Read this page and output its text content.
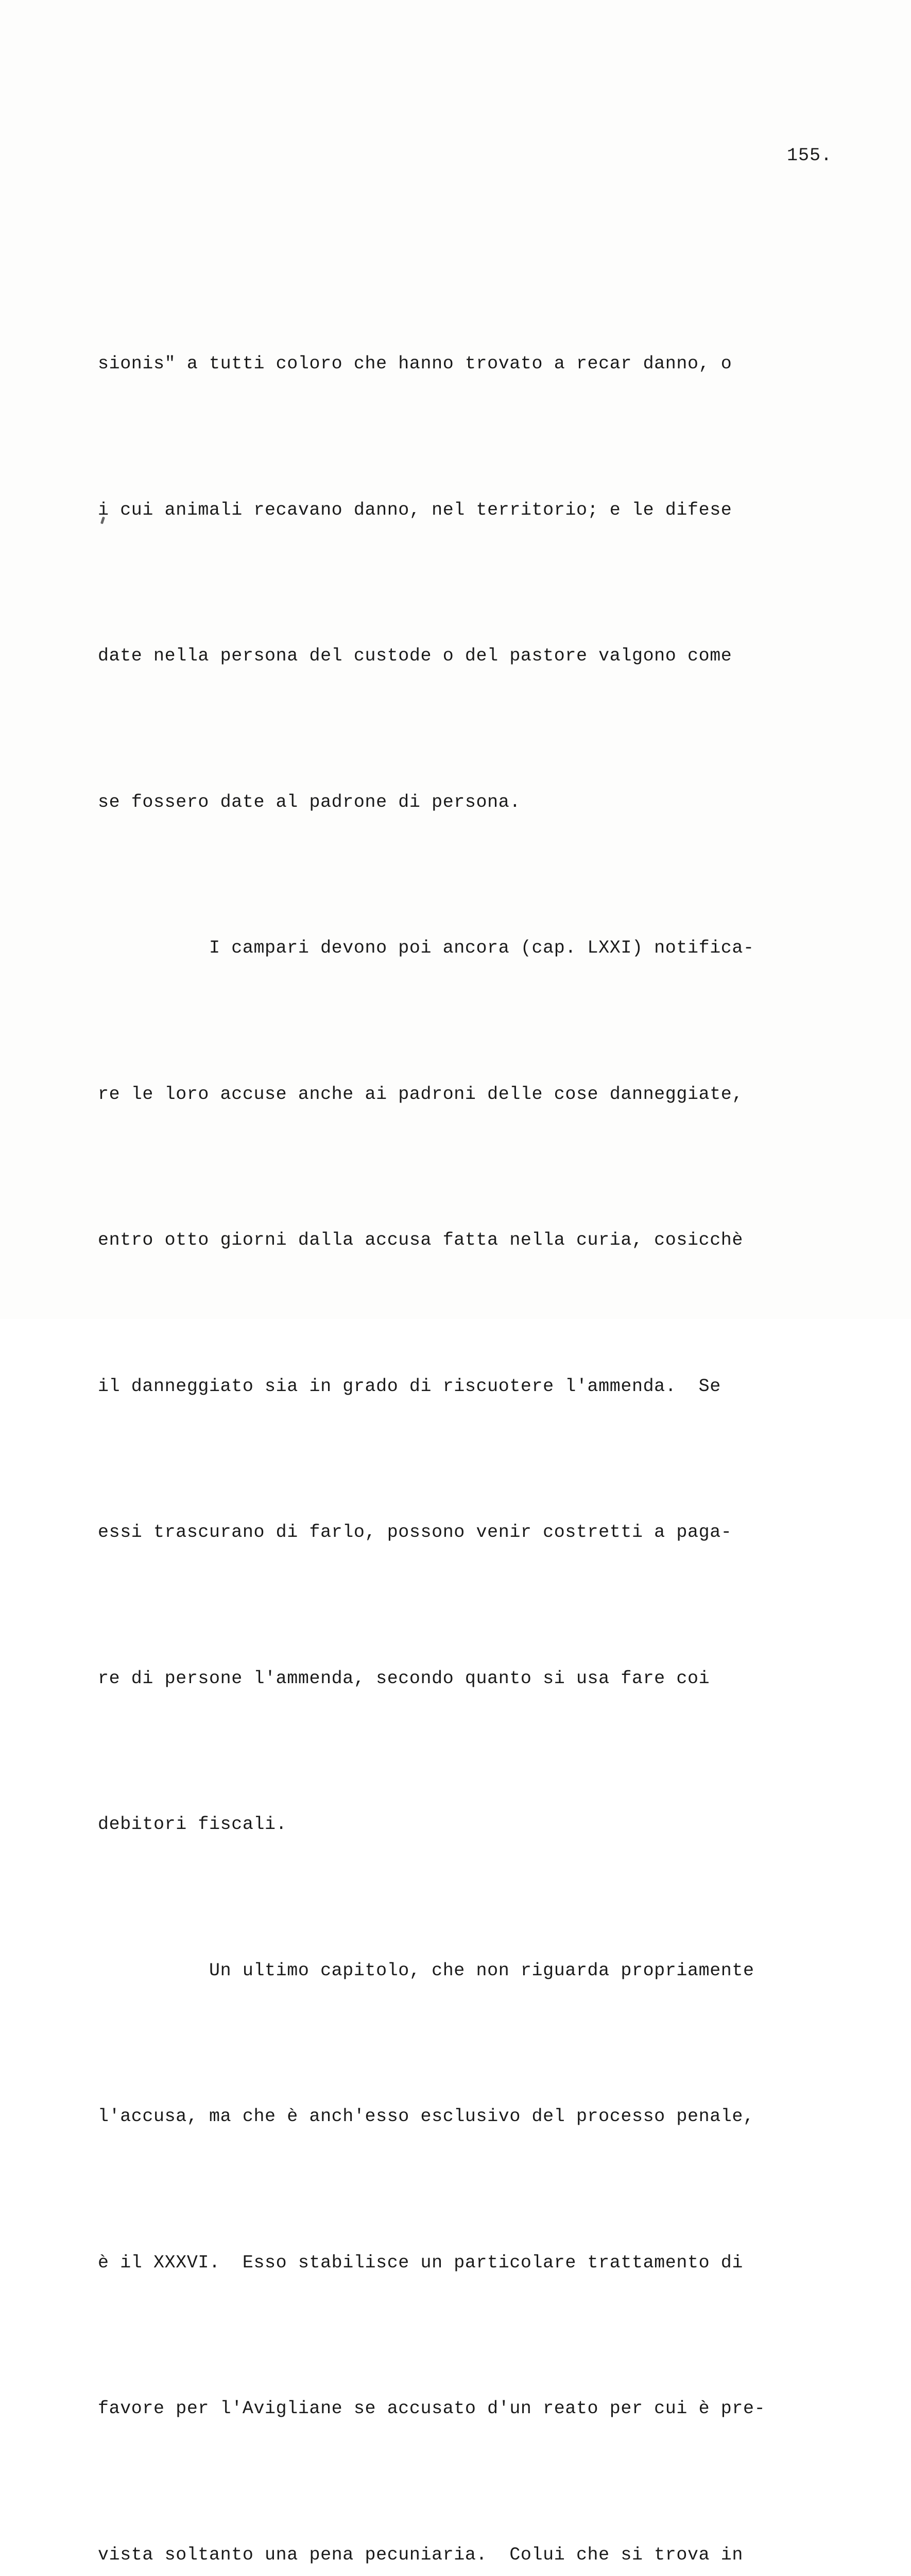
155.

sionis" a tutti coloro che hanno trovato a recar danno, o

i cui animali recavano danno, nel territorio; e le difese

date nella persona del custode o del pastore valgono come

se fossero date al padrone di persona.

I campari devono poi ancora (cap. LXXI) notifica-

re le loro accuse anche ai padroni delle cose danneggiate,

entro otto giorni dalla accusa fatta nella curia, cosicchè

il danneggiato sia in grado di riscuotere l'ammenda.  Se

essi trascurano di farlo, possono venir costretti a paga-

re di persone l'ammenda, secondo quanto si usa fare coi

debitori fiscali.

Un ultimo capitolo, che non riguarda propriamente

l'accusa, ma che è anch'esso esclusivo del processo penale,

è il XXXVI.  Esso stabilisce un particolare trattamento di

favore per l'Avigliane se accusato d'un reato per cui è pre-

vista soltanto una pena pecuniaria.  Colui che si trova in
